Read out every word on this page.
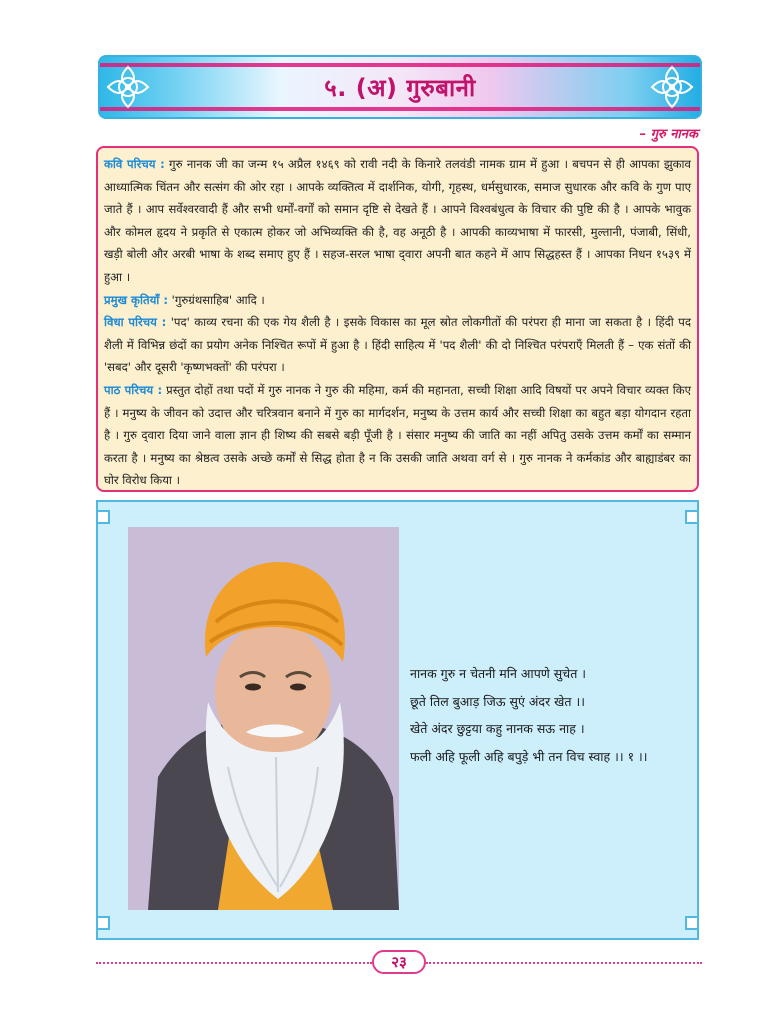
५. (अ) गुरुबानी
– गुरु नानक

कवि परिचय : गुरु नानक जी का जन्म १५ अप्रैल १४६९ को रावी नदी के किनारे तलवंडी नामक ग्राम में हुआ । बचपन से ही आपका झुकाव आध्यात्मिक चिंतन और सत्संग की ओर रहा । आपके व्यक्तित्व में दार्शनिक, योगी, गृहस्थ, धर्मसुधारक, समाज सुधारक और कवि के गुण पाए जाते हैं । आप सर्वेश्वरवादी हैं और सभी धर्मों-वर्गों को समान दृष्टि से देखते हैं । आपने विश्वबंधुत्व के विचार की पुष्टि की है । आपके भावुक और कोमल हृदय ने प्रकृति से एकात्म होकर जो अभिव्यक्ति की है, वह अनूठी है । आपकी काव्यभाषा में फारसी, मुल्तानी, पंजाबी, सिंधी, खड़ी बोली और अरबी भाषा के शब्द समाए हुए हैं । सहज-सरल भाषा द्‌वारा अपनी बात कहने में आप सिद्धहस्त हैं । आपका निधन १५३९ में हुआ ।

प्रमुख कृतियाँ : 'गुरुग्रंथसाहिब' आदि ।

विधा परिचय : 'पद' काव्य रचना की एक गेय शैली है । इसके विकास का मूल स्रोत लोकगीतों की परंपरा ही माना जा सकता है । हिंदी पद शैली में विभिन्न छंदों का प्रयोग अनेक निश्चित रूपों में हुआ है । हिंदी साहित्य में 'पद शैली' की दो निश्चित परंपराएँ मिलती हैं – एक संतों की 'सबद' और दूसरी 'कृष्णभक्तों' की परंपरा ।

पाठ परिचय : प्रस्तुत दोहों तथा पदों में गुरु नानक ने गुरु की महिमा, कर्म की महानता, सच्ची शिक्षा आदि विषयों पर अपने विचार व्यक्त किए हैं । मनुष्य के जीवन को उदात्त और चरित्रवान बनाने में गुरु का मार्गदर्शन, मनुष्य के उत्तम कार्य और सच्ची शिक्षा का बहुत बड़ा योगदान रहता है । गुरु द्‌वारा दिया जाने वाला ज्ञान ही शिष्य की सबसे बड़ी पूँजी है । संसार मनुष्य की जाति का नहीं अपितु उसके उत्तम कर्मों का सम्मान करता है । मनुष्य का श्रेष्ठत्व उसके अच्छे कर्मों से सिद्ध होता है न कि उसकी जाति अथवा वर्ग से । गुरु नानक ने कर्मकांड और बाह्याडंबर का घोर विरोध किया ।

नानक गुरु न चेतनी मनि आपणे सुचेत ।
छूते तिल बुआड़ जिऊ सुएं अंदर खेत ।।
खेते अंदर छुट्टया कहु नानक सऊ नाह ।
फली अहि फूली अहि बपुड़े भी तन विच स्वाह ।। १ ।।
२३
